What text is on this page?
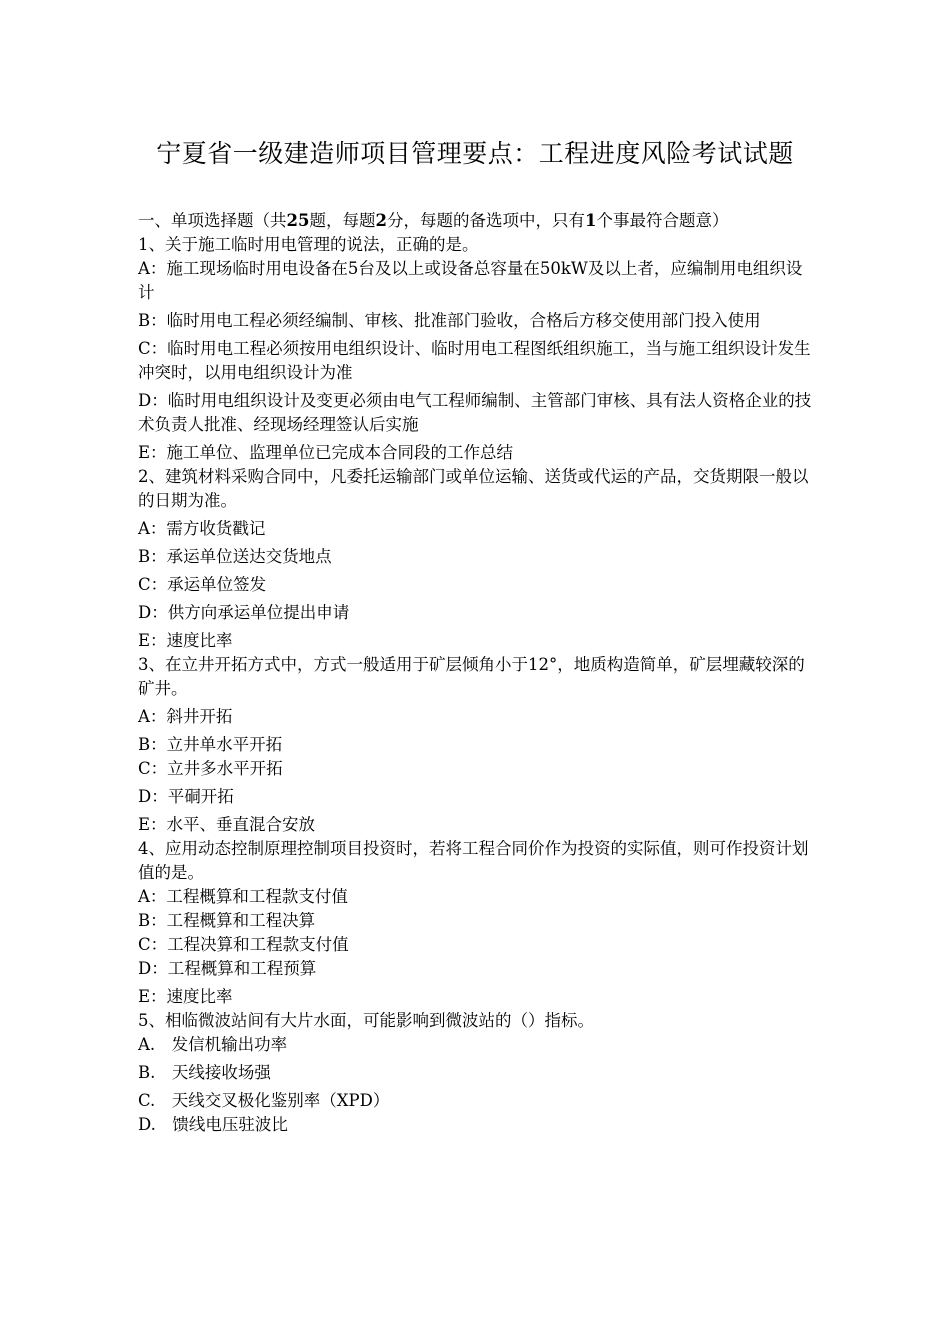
宁夏省一级建造师项目管理要点：工程进度风险考试试题

一、单项选择题（共25题，每题2分，每题的备选项中，只有1个事最符合题意）

1、关于施工临时用电管理的说法，正确的是。

A：施工现场临时用电设备在5台及以上或设备总容量在50kW及以上者，应编制用电组织设计

B：临时用电工程必须经编制、审核、批准部门验收，合格后方移交使用部门投入使用

C：临时用电工程必须按用电组织设计、临时用电工程图纸组织施工，当与施工组织设计发生冲突时，以用电组织设计为准

D：临时用电组织设计及变更必须由电气工程师编制、主管部门审核、具有法人资格企业的技术负责人批准、经现场经理签认后实施

E：施工单位、监理单位已完成本合同段的工作总结

2、建筑材料采购合同中，凡委托运输部门或单位运输、送货或代运的产品，交货期限一般以的日期为准。

A：需方收货戳记

B：承运单位送达交货地点

C：承运单位签发

D：供方向承运单位提出申请

E：速度比率

3、在立井开拓方式中，方式一般适用于矿层倾角小于12°，地质构造简单，矿层埋藏较深的矿井。

A：斜井开拓

B：立井单水平开拓

C：立井多水平开拓

D：平硐开拓

E：水平、垂直混合安放

4、应用动态控制原理控制项目投资时，若将工程合同价作为投资的实际值，则可作投资计划值的是。

A：工程概算和工程款支付值

B：工程概算和工程决算

C：工程决算和工程款支付值

D：工程概算和工程预算

E：速度比率

5、相临微波站间有大片水面，可能影响到微波站的（）指标。

A.　发信机输出功率

B.　天线接收场强

C.　天线交叉极化鉴别率（XPD）

D.　馈线电压驻波比
